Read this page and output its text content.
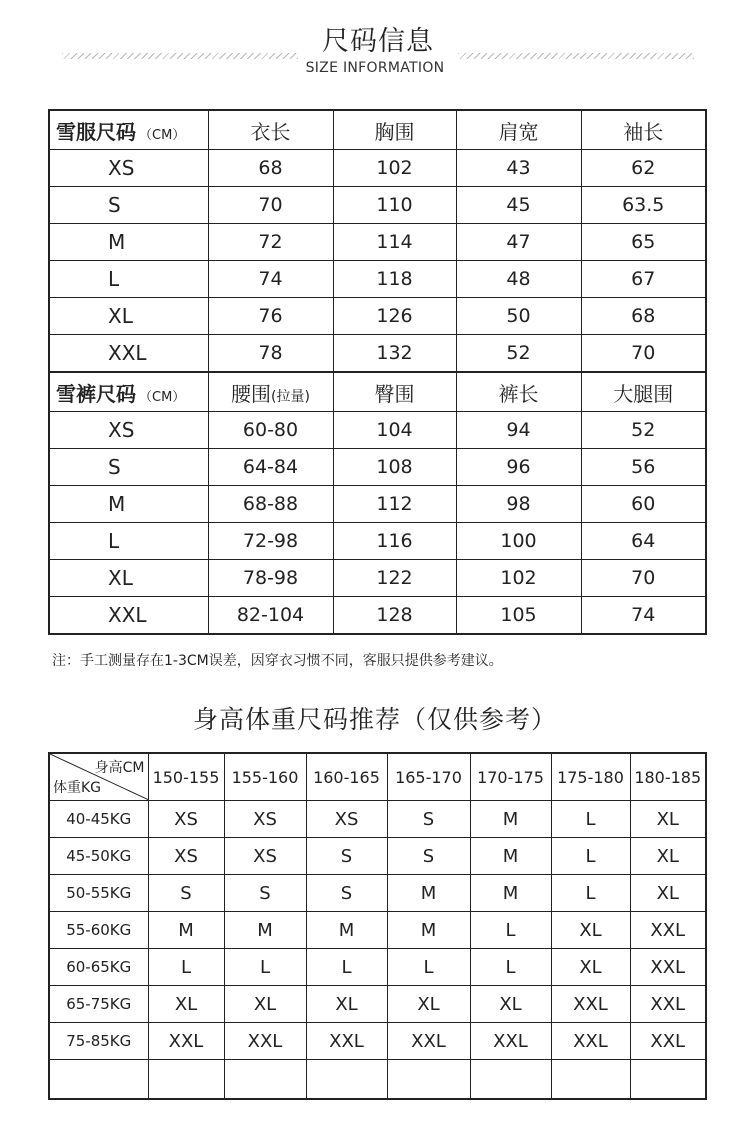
尺码信息
SIZE INFORMATION
雪服尺码 （CM）	衣长	胸围	肩宽	袖长
XS	68	102	43	62
S	70	110	45	63.5
M	72	114	47	65
L	74	118	48	67
XL	76	126	50	68
XXL	78	132	52	70
雪裤尺码 （CM）	腰围(拉量)	臀围	裤长	大腿围
XS	60-80	104	94	52
S	64-84	108	96	56
M	68-88	112	98	60
L	72-98	116	100	64
XL	78-98	122	102	70
XXL	82-104	128	105	74
注：手工测量存在1-3CM误差，因穿衣习惯不同，客服只提供参考建议。
身高体重尺码推荐（仅供参考）
身高CM
体重KG	150-155	155-160	160-165	165-170	170-175	175-180	180-185
40-45KG	XS	XS	XS	S	M	L	XL
45-50KG	XS	XS	S	S	M	L	XL
50-55KG	S	S	S	M	M	L	XL
55-60KG	M	M	M	M	L	XL	XXL
60-65KG	L	L	L	L	L	XL	XXL
65-75KG	XL	XL	XL	XL	XL	XXL	XXL
75-85KG	XXL	XXL	XXL	XXL	XXL	XXL	XXL
